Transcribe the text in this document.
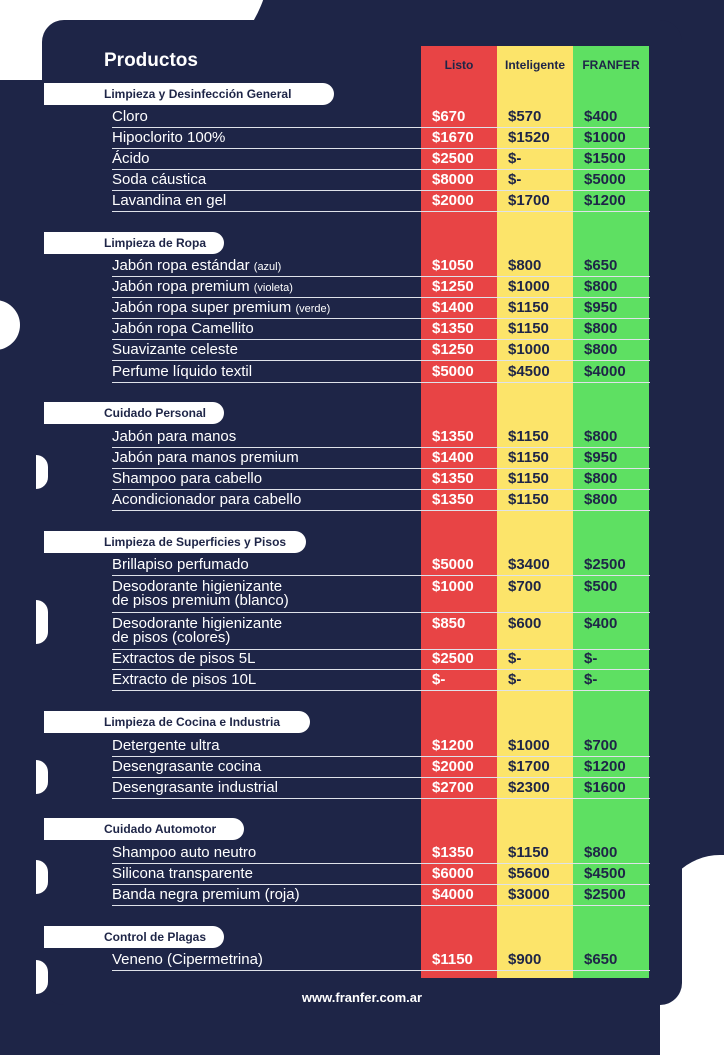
Productos	Listo	Inteligente	FRANFER
Limpieza y Desinfección General
Cloro	$670	$570	$400
Hipoclorito 100%	$1670 $1520 $1000
Ácido	$2500 $-	$1500
Soda cáustica	$8000 $-	$5000
Lavandina en gel	$2000 $1700 $1200
Limpieza de Ropa
Jabón ropa estándar (azul)	$1050 $800	$650
Jabón ropa premium (violeta)	$1250 $1000 $800
Jabón ropa super premium (verde)	$1400 $1150 $950
Jabón ropa Camellito	$1350 $1150 $800
Suavizante celeste	$1250 $1000 $800
Perfume líquido textil	$5000 $4500 $4000
Cuidado Personal
Jabón para manos	$1350 $1150 $800
Jabón para manos premium	$1400 $1150 $950
Shampoo para cabello	$1350 $1150 $800
Acondicionador para cabello	$1350 $1150 $800
Limpieza de Superficies y Pisos
Brillapiso perfumado	$5000 $3400 $2500
Desodorante higienizante
de pisos premium (blanco)
$1000 $700	$500
Desodorante higienizante
de pisos (colores)
$850	$600	$400
Extractos de pisos 5L	$2500 $-	$-
Extracto de pisos 10L	$-	$-	$-
Limpieza de Cocina e Industria
Detergente ultra	$1200 $1000 $700
Desengrasante cocina	$2000 $1700 $1200
Desengrasante industrial	$2700 $2300 $1600
Cuidado Automotor
Shampoo auto neutro	$1350 $1150 $800
Silicona transparente	$6000 $5600 $4500
Banda negra premium (roja)	$4000 $3000 $2500
Control de Plagas
Veneno (Cipermetrina)	$1150 $900	$650
www.franfer.com.ar
